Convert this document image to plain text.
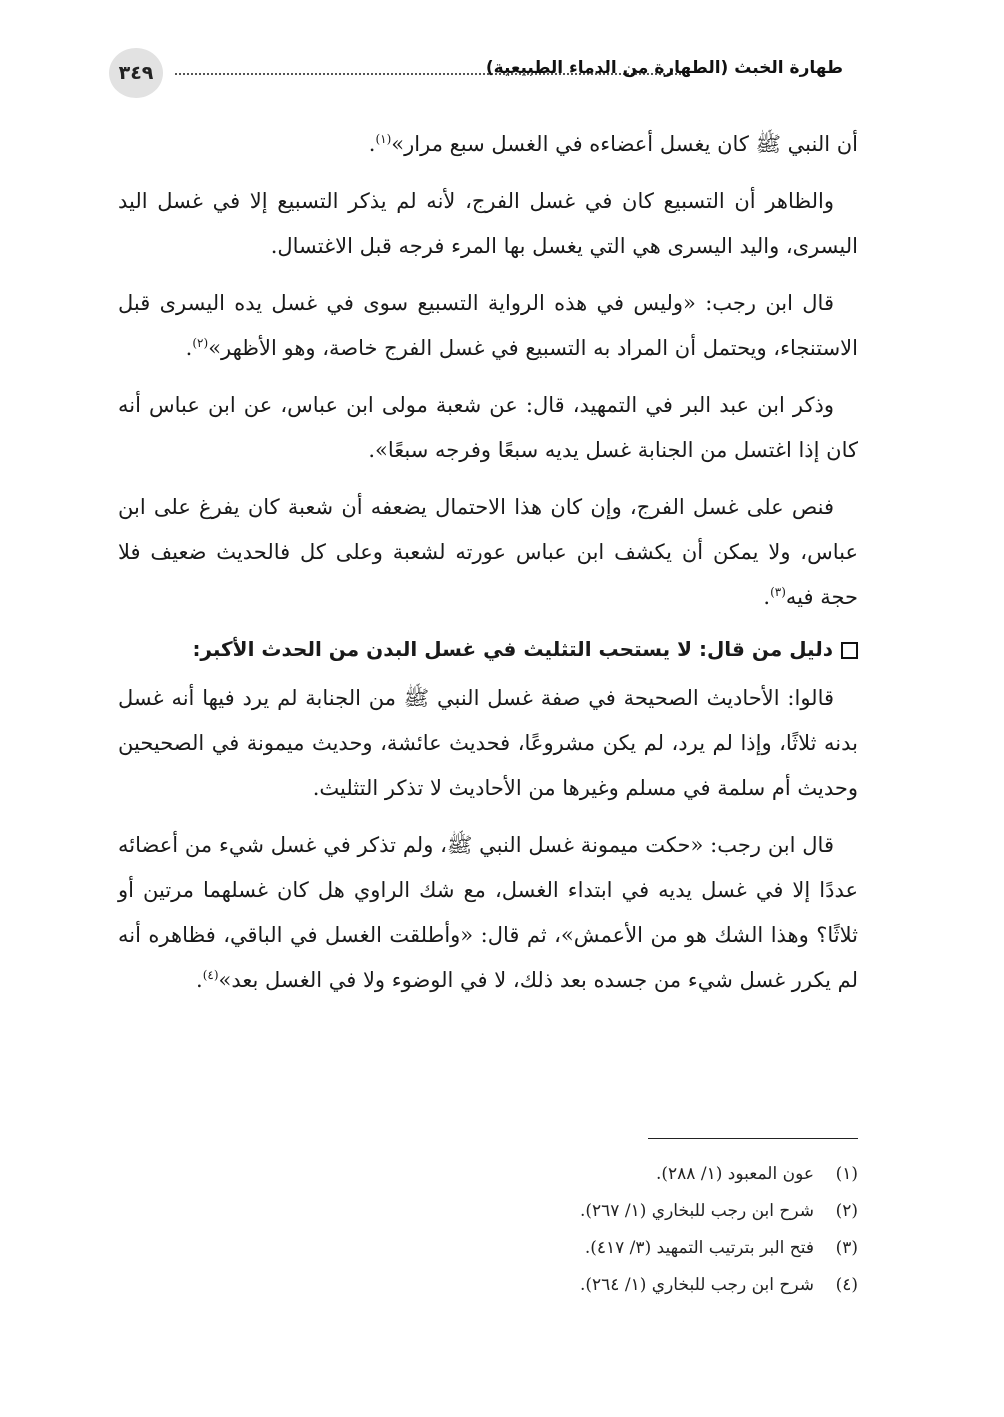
٣٤٩	طهارة الخبث (الطهارة من الدماء الطبيعية)

أن النبي ﷺ كان يغسل أعضاءه في الغسل سبع مرار»$^{(١)}$.

والظاهر أن التسبيع كان في غسل الفرج، لأنه لم يذكر التسبيع إلا في غسل اليد اليسرى، واليد اليسرى هي التي يغسل بها المرء فرجه قبل الاغتسال.

قال ابن رجب: «وليس في هذه الرواية التسبيع سوى في غسل يده اليسرى قبل الاستنجاء، ويحتمل أن المراد به التسبيع في غسل الفرج خاصة، وهو الأظهر»$^{(٢)}$.

وذكر ابن عبد البر في التمهيد، قال: عن شعبة مولى ابن عباس، عن ابن عباس أنه كان إذا اغتسل من الجنابة غسل يديه سبعًا وفرجه سبعًا».

فنص على غسل الفرج، وإن كان هذا الاحتمال يضعفه أن شعبة كان يفرغ على ابن عباس، ولا يمكن أن يكشف ابن عباس عورته لشعبة وعلى كل فالحديث ضعيف فلا حجة فيه$^{(٣)}$.

دليل من قال: لا يستحب التثليث في غسل البدن من الحدث الأكبر:

قالوا: الأحاديث الصحيحة في صفة غسل النبي ﷺ من الجنابة لم يرد فيها أنه غسل بدنه ثلاثًا، وإذا لم يرد، لم يكن مشروعًا، فحديث عائشة، وحديث ميمونة في الصحيحين وحديث أم سلمة في مسلم وغيرها من الأحاديث لا تذكر التثليث.

قال ابن رجب: «حكت ميمونة غسل النبي ﷺ، ولم تذكر في غسل شيء من أعضائه عددًا إلا في غسل يديه في ابتداء الغسل، مع شك الراوي هل كان غسلهما مرتين أو ثلاثًا؟ وهذا الشك هو من الأعمش»، ثم قال: «وأطلقت الغسل في الباقي، فظاهره أنه لم يكرر غسل شيء من جسده بعد ذلك، لا في الوضوء ولا في الغسل بعد»$^{(٤)}$.

(١)عون المعبود (١/ ٢٨٨).
(٢)شرح ابن رجب للبخاري (١/ ٢٦٧).
(٣)فتح البر بترتيب التمهيد (٣/ ٤١٧).
(٤)شرح ابن رجب للبخاري (١/ ٢٦٤).
